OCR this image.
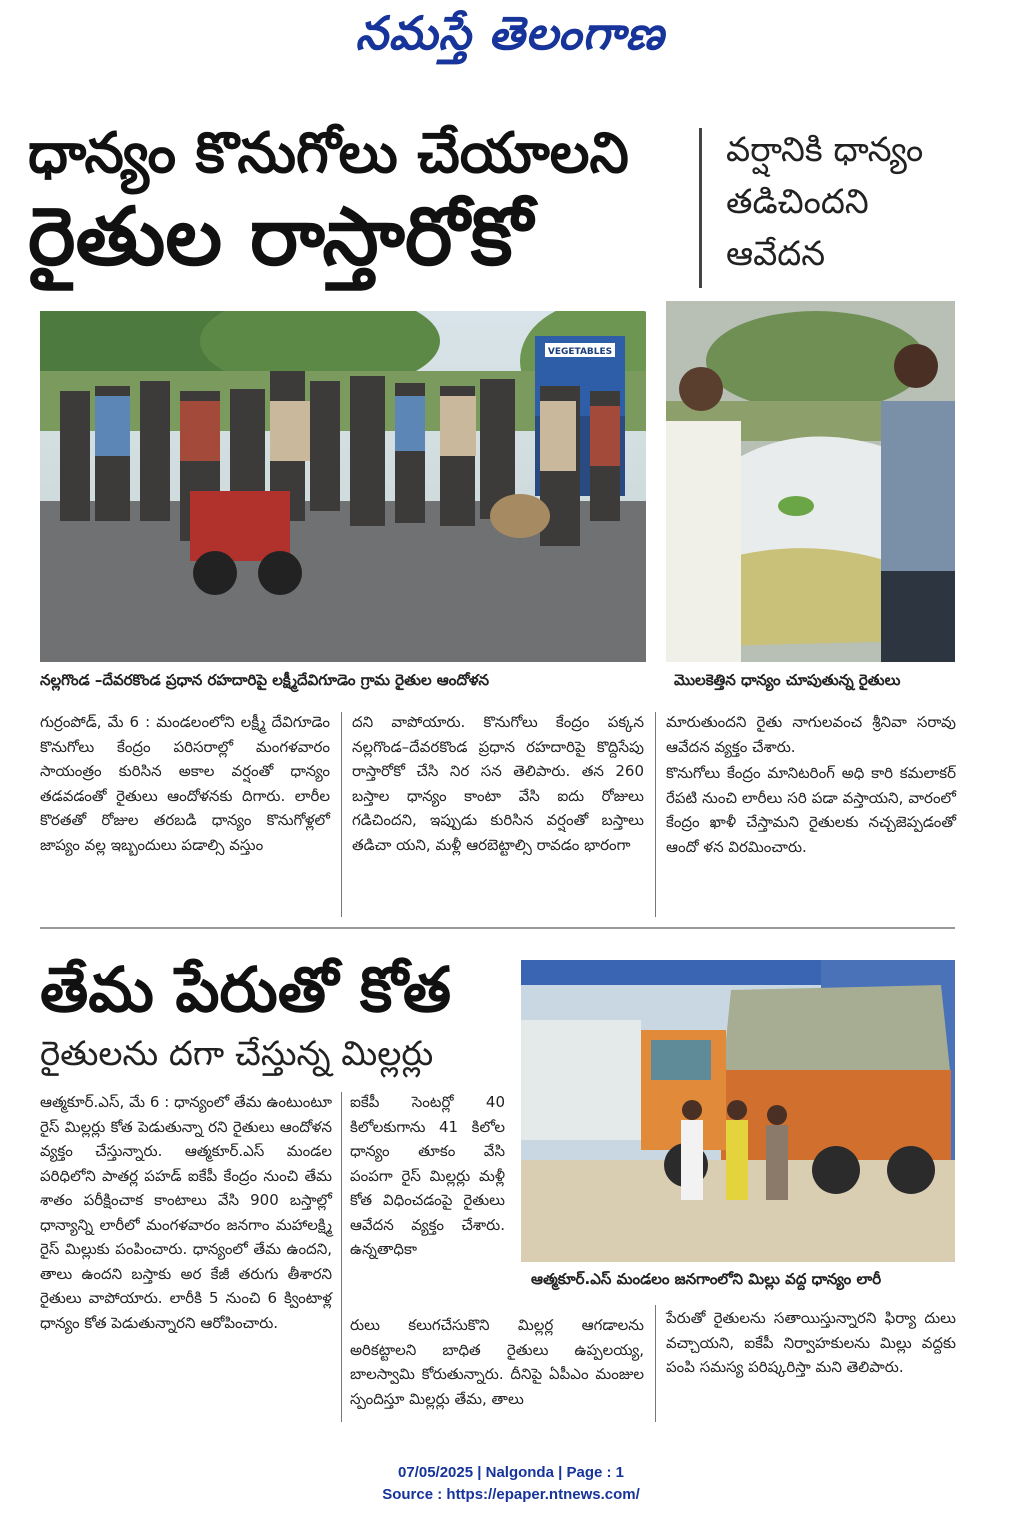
నమస్తే తెలంగాణ
ధాన్యం కొనుగోలు చేయాలని
రైతుల రాస్తారోకో
వర్షానికి ధాన్యం తడిచిందని ఆవేదన
VEGETABLES
నల్లగొండ –దేవరకొండ ప్రధాన రహదారిపై లక్ష్మీదేవిగూడెం గ్రామ రైతుల ఆందోళన	మొలకెత్తిన ధాన్యం చూపుతున్న రైతులు

గుర్రంపోడ్, మే 6 : మండలంలోని లక్ష్మీ దేవిగూడెం కొనుగోలు కేంద్రం పరిసరాల్లో మంగళవారం సాయంత్రం కురిసిన అకాల వర్షంతో ధాన్యం తడవడంతో రైతులు ఆందోళనకు దిగారు. లారీల కొరతతో రోజుల తరబడి ధాన్యం కొనుగోళ్లలో జాప్యం వల్ల ఇబ్బందులు పడాల్సి వస్తుం

దని వాపోయారు. కొనుగోలు కేంద్రం పక్కన నల్లగొండ–దేవరకొండ ప్రధాన రహదారిపై కొద్దిసేపు రాస్తారోకో చేసి నిర సన తెలిపారు. తన 260 బస్తాల ధాన్యం కాంటా వేసి ఐదు రోజులు గడిచిందని, ఇప్పుడు కురిసిన వర్షంతో బస్తాలు తడిచా యని, మళ్లీ ఆరబెట్టాల్సి రావడం భారంగా

మారుతుందని రైతు నాగులవంచ శ్రీనివా సరావు ఆవేదన వ్యక్తం చేశారు.

కొనుగోలు కేంద్రం మానిటరింగ్ అధి కారి కమలాకర్ రేపటి నుంచి లారీలు సరి పడా వస్తాయని, వారంలో కేంద్రం ఖాళీ చేస్తామని రైతులకు నచ్చజెప్పడంతో ఆందో ళన విరమించారు.

తేమ పేరుతో కోత
రైతులను దగా చేస్తున్న మిల్లర్లు
ఆత్మకూర్.ఎస్ మండలం జనగాంలోని మిల్లు వద్ద ధాన్యం లారీ

ఆత్మకూర్.ఎస్, మే 6 : ధాన్యంలో తేమ ఉంటుంటూ రైస్ మిల్లర్లు కోత పెడుతున్నా రని రైతులు ఆందోళన వ్యక్తం చేస్తున్నారు. ఆత్మకూర్.ఎస్ మండల పరిధిలోని పాతర్ల పహడ్ ఐకేపీ కేంద్రం నుంచి తేమ శాతం పరీక్షించాక కాంటాలు వేసి 900 బస్తాల్లో ధాన్యాన్ని లారీలో మంగళవారం జనగాం మహాలక్ష్మి రైస్ మిల్లుకు పంపించారు. ధాన్యంలో తేమ ఉందని, తాలు ఉందని బస్తాకు అర కేజీ తరుగు తీశారని రైతులు వాపోయారు. లారీకి 5 నుంచి 6 క్వింటాళ్ల ధాన్యం కోత పెడుతున్నారని ఆరోపించారు.

ఐకేపీ సెంటర్లో 40 కిలోలకుగాను 41 కిలోల ధాన్యం తూకం వేసి పంపగా రైస్ మిల్లర్లు మళ్లీ కోత విధించడంపై రైతులు ఆవేదన వ్యక్తం చేశారు. ఉన్నతాధికా

రులు కలుగచేసుకొని మిల్లర్ల ఆగడాలను అరికట్టాలని బాధిత రైతులు ఉప్పలయ్య, బాలస్వామి కోరుతున్నారు. దీనిపై ఏపీఎం మంజుల స్పందిస్తూ మిల్లర్లు తేమ, తాలు

పేరుతో రైతులను సతాయిస్తున్నారని ఫిర్యా దులు వచ్చాయని, ఐకేపీ నిర్వాహకులను మిల్లు వద్దకు పంపి సమస్య పరిష్కరిస్తా మని తెలిపారు.

07/05/2025 | Nalgonda | Page : 1
Source : https://epaper.ntnews.com/
